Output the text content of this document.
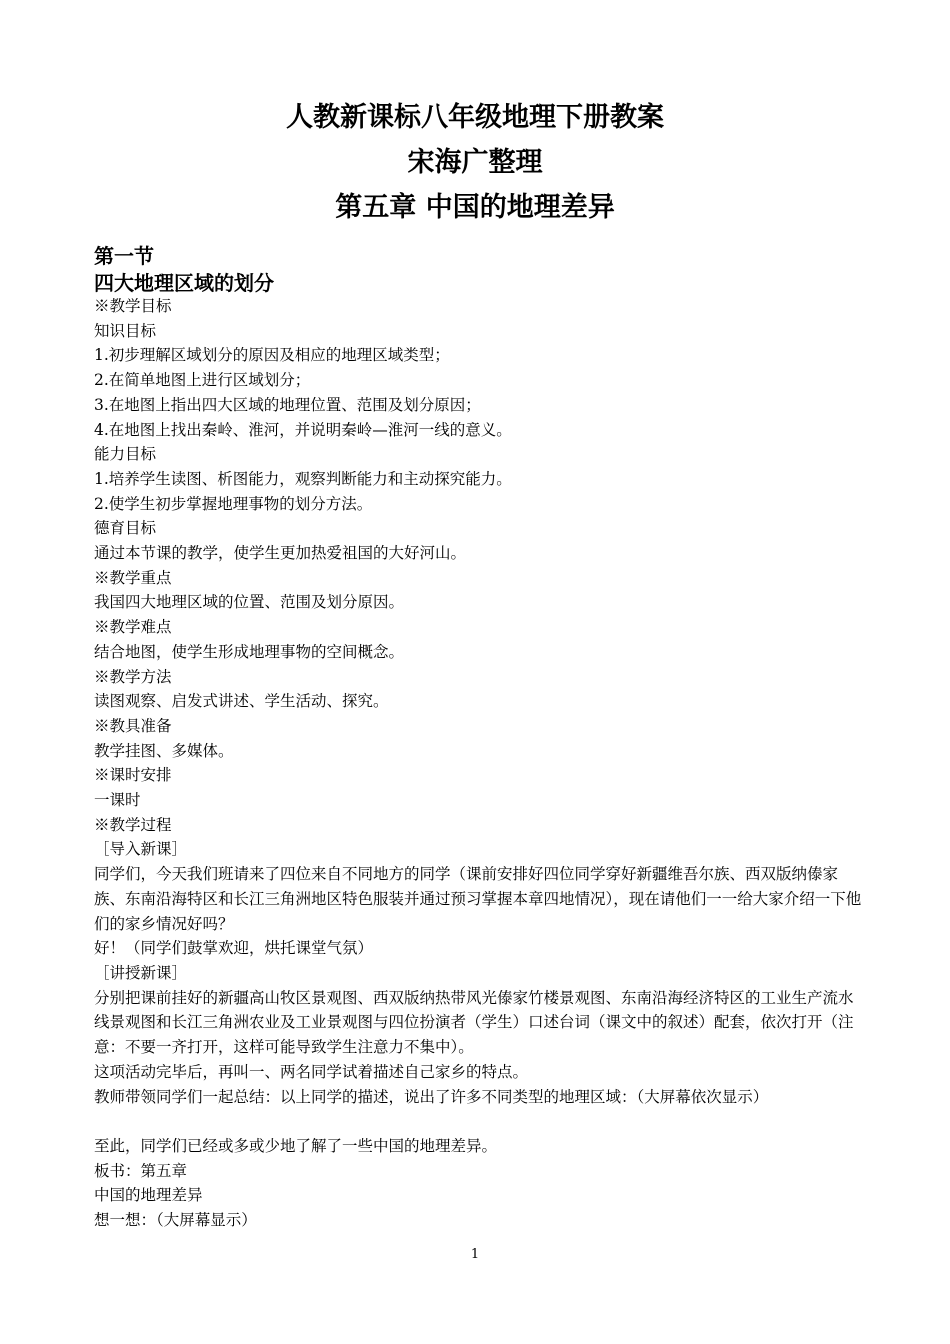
人教新课标八年级地理下册教案
宋海广整理
第五章 中国的地理差异
第一节
四大地理区域的划分

※教学目标

知识目标

1.初步理解区域划分的原因及相应的地理区域类型；

2.在简单地图上进行区域划分；

3.在地图上指出四大区域的地理位置、范围及划分原因；

4.在地图上找出秦岭、淮河，并说明秦岭—淮河一线的意义。

能力目标

1.培养学生读图、析图能力，观察判断能力和主动探究能力。

2.使学生初步掌握地理事物的划分方法。

德育目标

通过本节课的教学，使学生更加热爱祖国的大好河山。

※教学重点

我国四大地理区域的位置、范围及划分原因。

※教学难点

结合地图，使学生形成地理事物的空间概念。

※教学方法

读图观察、启发式讲述、学生活动、探究。

※教具准备

教学挂图、多媒体。

※课时安排

一课时

※教学过程

［导入新课］

同学们，今天我们班请来了四位来自不同地方的同学（课前安排好四位同学穿好新疆维吾尔族、西双版纳傣家族、东南沿海特区和长江三角洲地区特色服装并通过预习掌握本章四地情况），现在请他们一一给大家介绍一下他们的家乡情况好吗？

好！（同学们鼓掌欢迎，烘托课堂气氛）

［讲授新课］

分别把课前挂好的新疆高山牧区景观图、西双版纳热带风光傣家竹楼景观图、东南沿海经济特区的工业生产流水线景观图和长江三角洲农业及工业景观图与四位扮演者（学生）口述台词（课文中的叙述）配套，依次打开（注意：不要一齐打开，这样可能导致学生注意力不集中）。

这项活动完毕后，再叫一、两名同学试着描述自己家乡的特点。

教师带领同学们一起总结：以上同学的描述，说出了许多不同类型的地理区域：（大屏幕依次显示）

至此，同学们已经或多或少地了解了一些中国的地理差异。

板书：第五章

中国的地理差异

想一想：（大屏幕显示）

1
